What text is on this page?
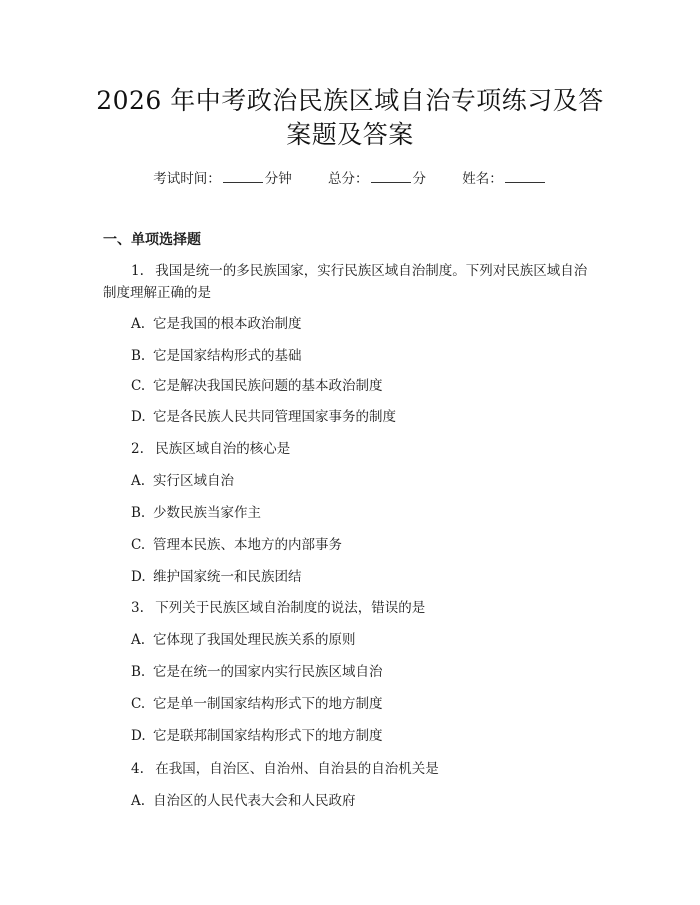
2026 年中考政治民族区域自治专项练习及答
案题及答案
考试时间：	分钟	总分：	分	姓名：
一、单项选择题
1. 我国是统一的多民族国家，实行民族区域自治制度。下列对民族区域自治
制度理解正确的是
A. 它是我国的根本政治制度
B. 它是国家结构形式的基础
C. 它是解决我国民族问题的基本政治制度
D. 它是各民族人民共同管理国家事务的制度
2. 民族区域自治的核心是
A. 实行区域自治
B. 少数民族当家作主
C. 管理本民族、本地方的内部事务
D. 维护国家统一和民族团结
3. 下列关于民族区域自治制度的说法，错误的是
A. 它体现了我国处理民族关系的原则
B. 它是在统一的国家内实行民族区域自治
C. 它是单一制国家结构形式下的地方制度
D. 它是联邦制国家结构形式下的地方制度
4. 在我国，自治区、自治州、自治县的自治机关是
A. 自治区的人民代表大会和人民政府
